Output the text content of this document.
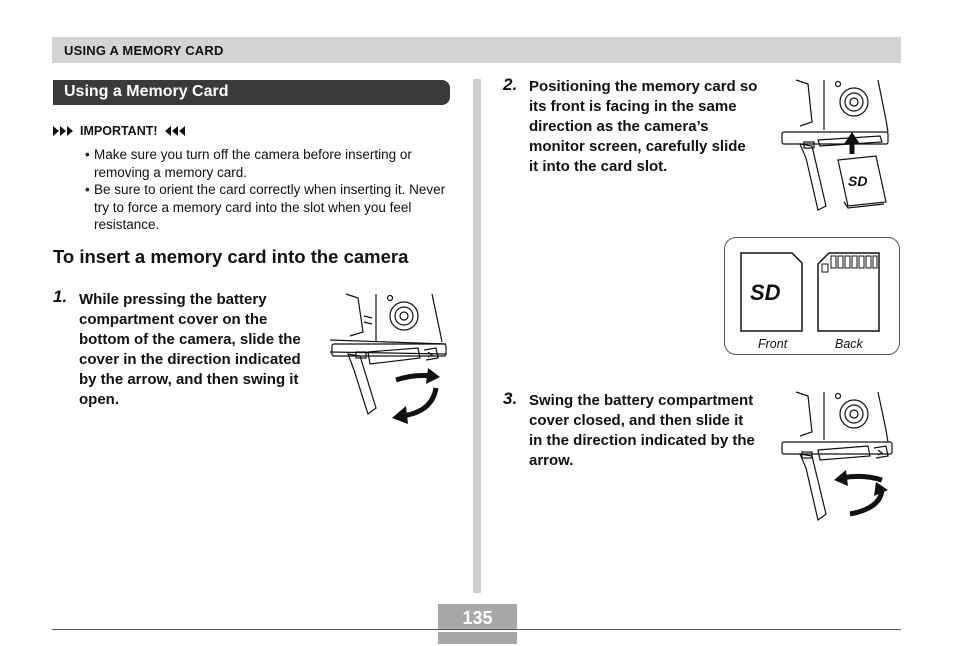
USING A MEMORY CARD
Using a Memory Card
IMPORTANT!
• Make sure you turn off the camera before inserting or removing a memory card.
• Be sure to orient the card correctly when inserting it. Never try to force a memory card into the slot when you feel resistance.
To insert a memory card into the camera
1. While pressing the battery compartment cover on the bottom of the camera, slide the cover in the direction indicated by the arrow, and then swing it open.

2. Positioning the memory card so its front is facing in the same direction as the camera’s monitor screen, carefully slide it into the card slot.

SD
SD
Front	Back
3. Swing the battery compartment cover closed, and then slide it in the direction indicated by the arrow.

135
